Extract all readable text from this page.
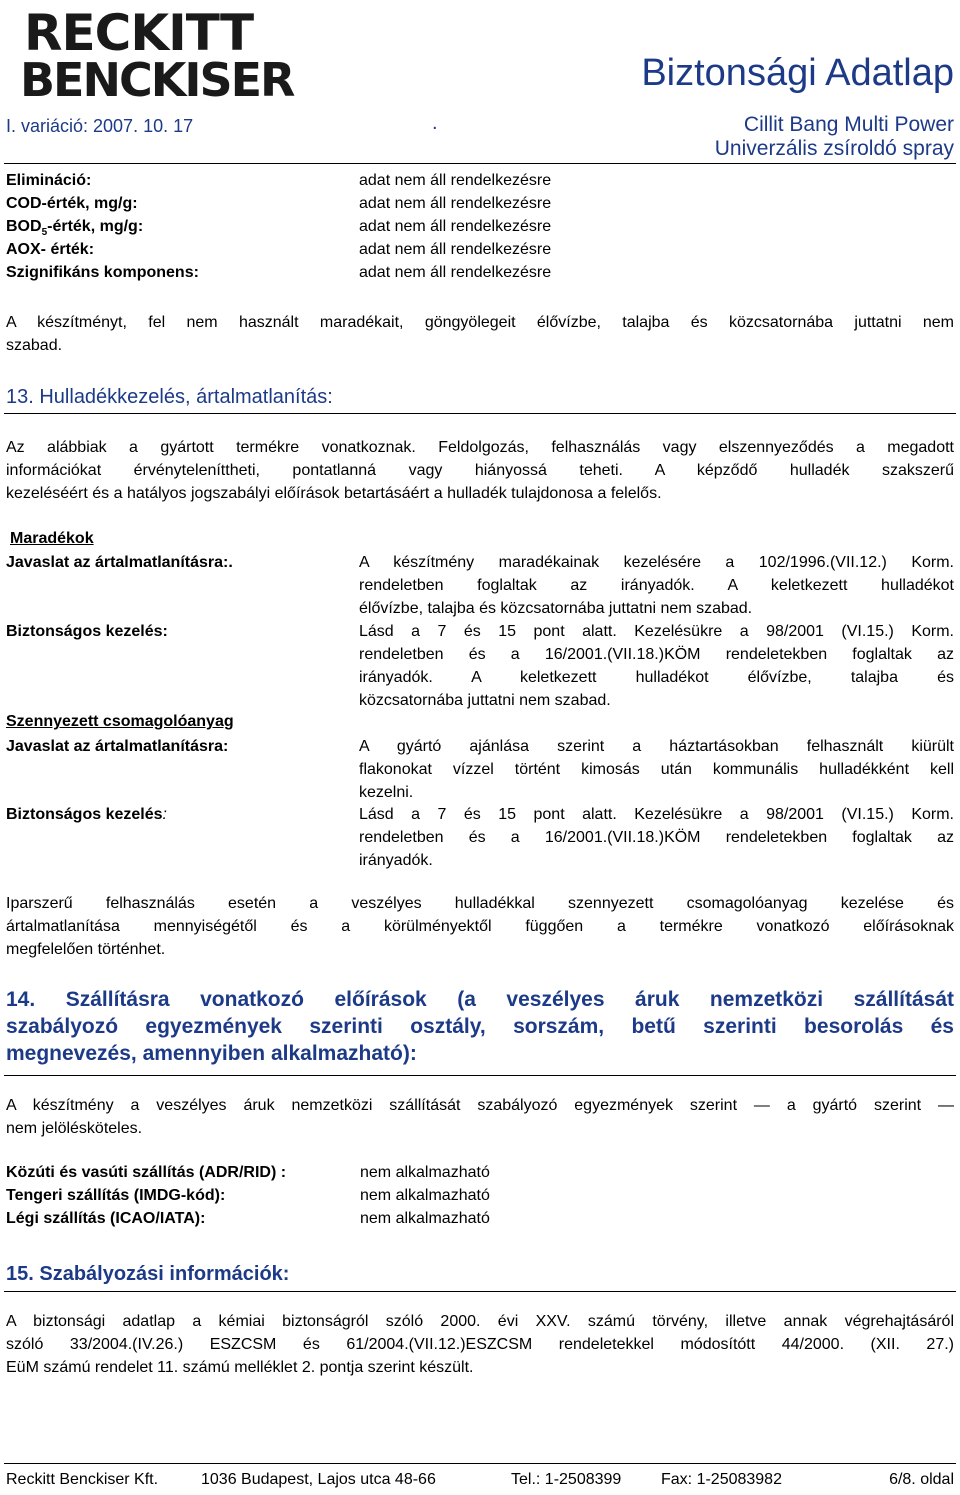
RECKITT
BENCKISER	Biztonsági Adatlap
I. variáció: 2007. 10. 17	.	Cillit Bang Multi Power
Univerzális zsíroldó spray
Elimináció:	adat nem áll rendelkezésre
COD-érték, mg/g:	adat nem áll rendelkezésre
$BOD_5$-érték, mg/g:	adat nem áll rendelkezésre
AOX- érték:	adat nem áll rendelkezésre
Szignifikáns komponens:	adat nem áll rendelkezésre
A készítményt, fel nem használt maradékait, göngyölegeit élővízbe, talajba és közcsatornába juttatni nem
szabad.
13. Hulladékkezelés, ártalmatlanítás:
Az alábbiak a gyártott termékre vonatkoznak. Feldolgozás, felhasználás vagy elszennyeződés a megadott
információkat érvényteleníttheti, pontatlanná vagy hiányossá teheti. A képződő hulladék szakszerű
kezeléséért és a hatályos jogszabályi előírások betartásáért a hulladék tulajdonosa a felelős.
Maradékok
Javaslat az ártalmatlanításra:.	A készítmény maradékainak kezelésére a 102/1996.(VII.12.) Korm.
rendeletben foglaltak az irányadók. A keletkezett hulladékot
élővízbe, talajba és közcsatornába juttatni nem szabad.
Biztonságos kezelés:	Lásd a 7 és 15 pont alatt. Kezelésükre a 98/2001 (VI.15.) Korm.
rendeletben és a 16/2001.(VII.18.)KÖM rendeletekben foglaltak az
irányadók. A keletkezett hulladékot élővízbe, talajba és
közcsatornába juttatni nem szabad.
Szennyezett csomagolóanyag
Javaslat az ártalmatlanításra:	A gyártó ajánlása szerint a háztartásokban felhasznált kiürült
flakonokat vízzel történt kimosás után kommunális hulladékként kell
kezelni.
Biztonságos kezelés:	Lásd a 7 és 15 pont alatt. Kezelésükre a 98/2001 (VI.15.) Korm.
rendeletben és a 16/2001.(VII.18.)KÖM rendeletekben foglaltak az
irányadók.
Iparszerű felhasználás esetén a veszélyes hulladékkal szennyezett csomagolóanyag kezelése és
ártalmatlanítása mennyiségétől és a körülményektől függően a termékre vonatkozó előírásoknak
megfelelően történhet.
14. Szállításra vonatkozó előírások (a veszélyes áruk nemzetközi szállítását
szabályozó egyezmények szerinti osztály, sorszám, betű szerinti besorolás és
megnevezés, amennyiben alkalmazható):
A készítmény a veszélyes áruk nemzetközi szállítását szabályozó egyezmények szerint — a gyártó szerint —
nem jelölésköteles.
Közúti és vasúti szállítás (ADR/RID) :	nem alkalmazható
Tengeri szállítás (IMDG-kód):	nem alkalmazható
Légi szállítás (ICAO/IATA):	nem alkalmazható
15. Szabályozási információk:
A biztonsági adatlap a kémiai biztonságról szóló 2000. évi XXV. számú törvény, illetve annak végrehajtásáról
szóló 33/2004.(IV.26.) ESZCSM és 61/2004.(VII.12.)ESZCSM rendeletekkel módosítótt 44/2000. (XII. 27.)
EüM számú rendelet 11. számú melléklet 2. pontja szerint készült.
Reckitt Benckiser Kft.	1036 Budapest, Lajos utca 48-66	Tel.: 1-2508399 Fax: 1-25083982	6/8. oldal
